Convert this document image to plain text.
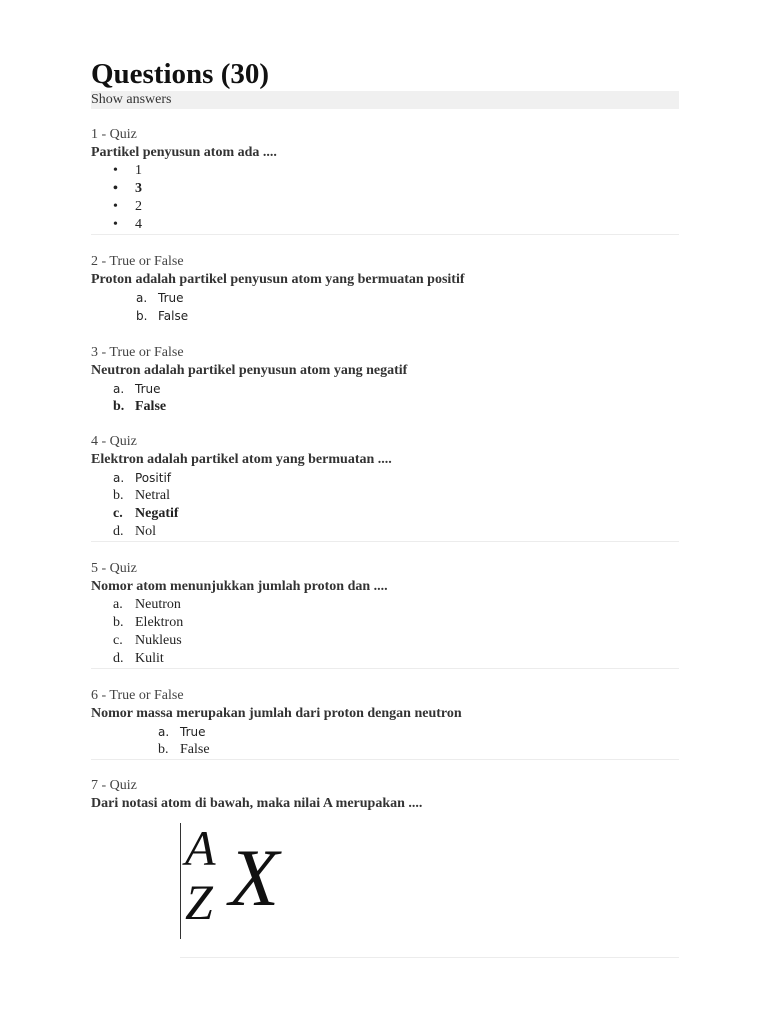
Questions (30)
Show answers
1 - Quiz
Partikel penyusun atom ada ....
•	1
•	3
•	2
•	4
2 - True or False
Proton adalah partikel penyusun atom yang bermuatan positif
a. True
b. False
3 - True or False
Neutron adalah partikel penyusun atom yang negatif
a. True
b. False
4 - Quiz
Elektron adalah partikel atom yang bermuatan ....
a. Positif
b. Netral
c. Negatif
d. Nol
5 - Quiz
Nomor atom menunjukkan jumlah proton dan ....
a. Neutron
b. Elektron
c. Nukleus
d. Kulit
6 - True or False
Nomor massa merupakan jumlah dari proton dengan neutron
a. True
b. False
7 - Quiz
Dari notasi atom di bawah, maka nilai A merupakan ....
A
Z X
